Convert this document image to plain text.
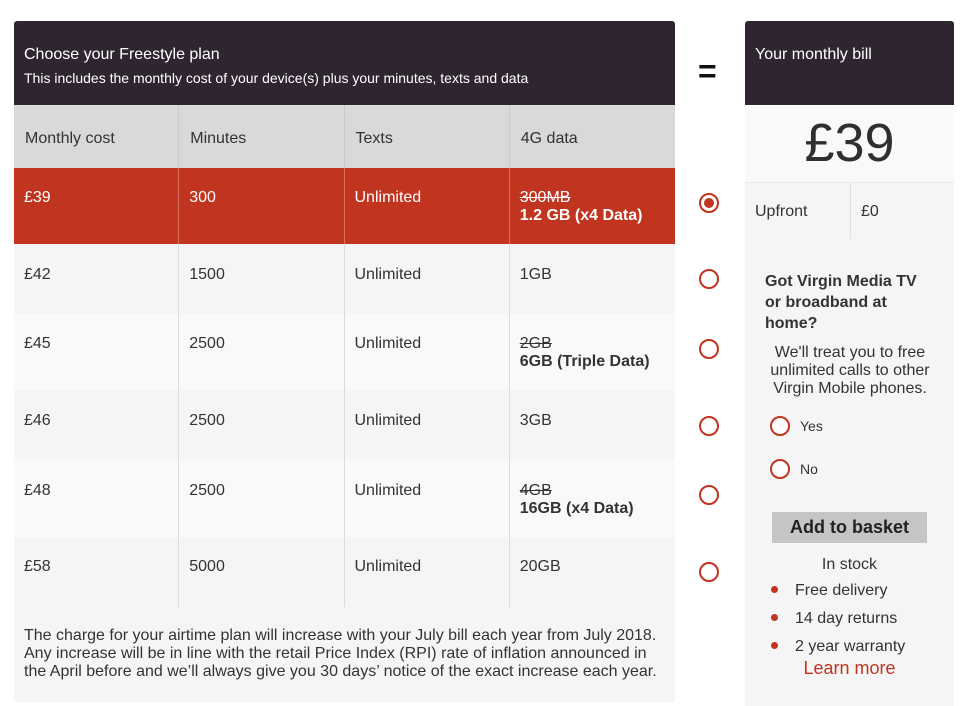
Choose your Freestyle plan
This includes the monthly cost of your device(s) plus your minutes, texts and data
Monthly cost	Minutes	Texts	4G data
£39	300	Unlimited	300MB
1.2 GB (x4 Data)
£42	1500	Unlimited	1GB
£45	2500	Unlimited	2GB
6GB (Triple Data)
£46	2500	Unlimited	3GB
£48	2500	Unlimited	4GB
16GB (x4 Data)
£58	5000	Unlimited	20GB
The charge for your airtime plan will increase with your July bill each year from July 2018. Any increase will be in line with the retail Price Index (RPI) rate of inflation announced in the April before and we’ll always give you 30 days’ notice of the exact increase each year.
=	Your monthly bill
£39
Upfront	£0
Got Virgin Media TV or broadband at home?
We'll treat you to free unlimited calls to other Virgin Mobile phones.
Yes
No
Add to basket
In stock
Free delivery
14 day returns
2 year warranty
Learn more
